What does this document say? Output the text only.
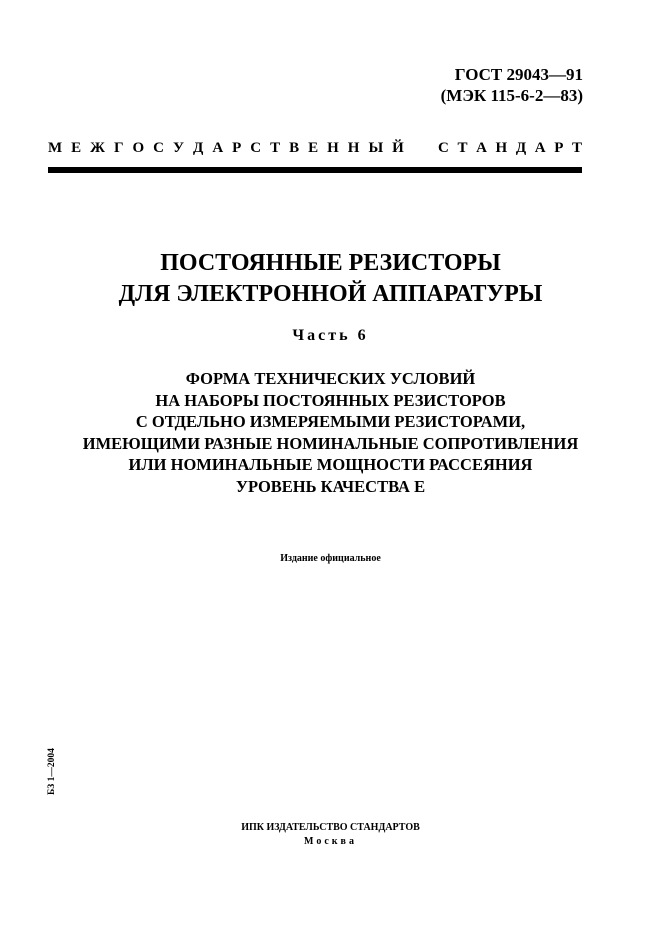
ГОСТ 29043—91
(МЭК 115-6-2—83)
М Е Ж Г О С У Д А Р С Т В Е Н Н Ы Й С Т А Н Д А Р Т
ПОСТОЯННЫЕ РЕЗИСТОРЫ
ДЛЯ ЭЛЕКТРОННОЙ АППАРАТУРЫ
Часть 6
ФОРМА ТЕХНИЧЕСКИХ УСЛОВИЙ
НА НАБОРЫ ПОСТОЯННЫХ РЕЗИСТОРОВ
С ОТДЕЛЬНО ИЗМЕРЯЕМЫМИ РЕЗИСТОРАМИ,
ИМЕЮЩИМИ РАЗНЫЕ НОМИНАЛЬНЫЕ СОПРОТИВЛЕНИЯ
ИЛИ НОМИНАЛЬНЫЕ МОЩНОСТИ РАССЕЯНИЯ
УРОВЕНЬ КАЧЕСТВА Е
Издание официальное
БЗ 1—2004
ИПК ИЗДАТЕЛЬСТВО СТАНДАРТОВ
Москва
